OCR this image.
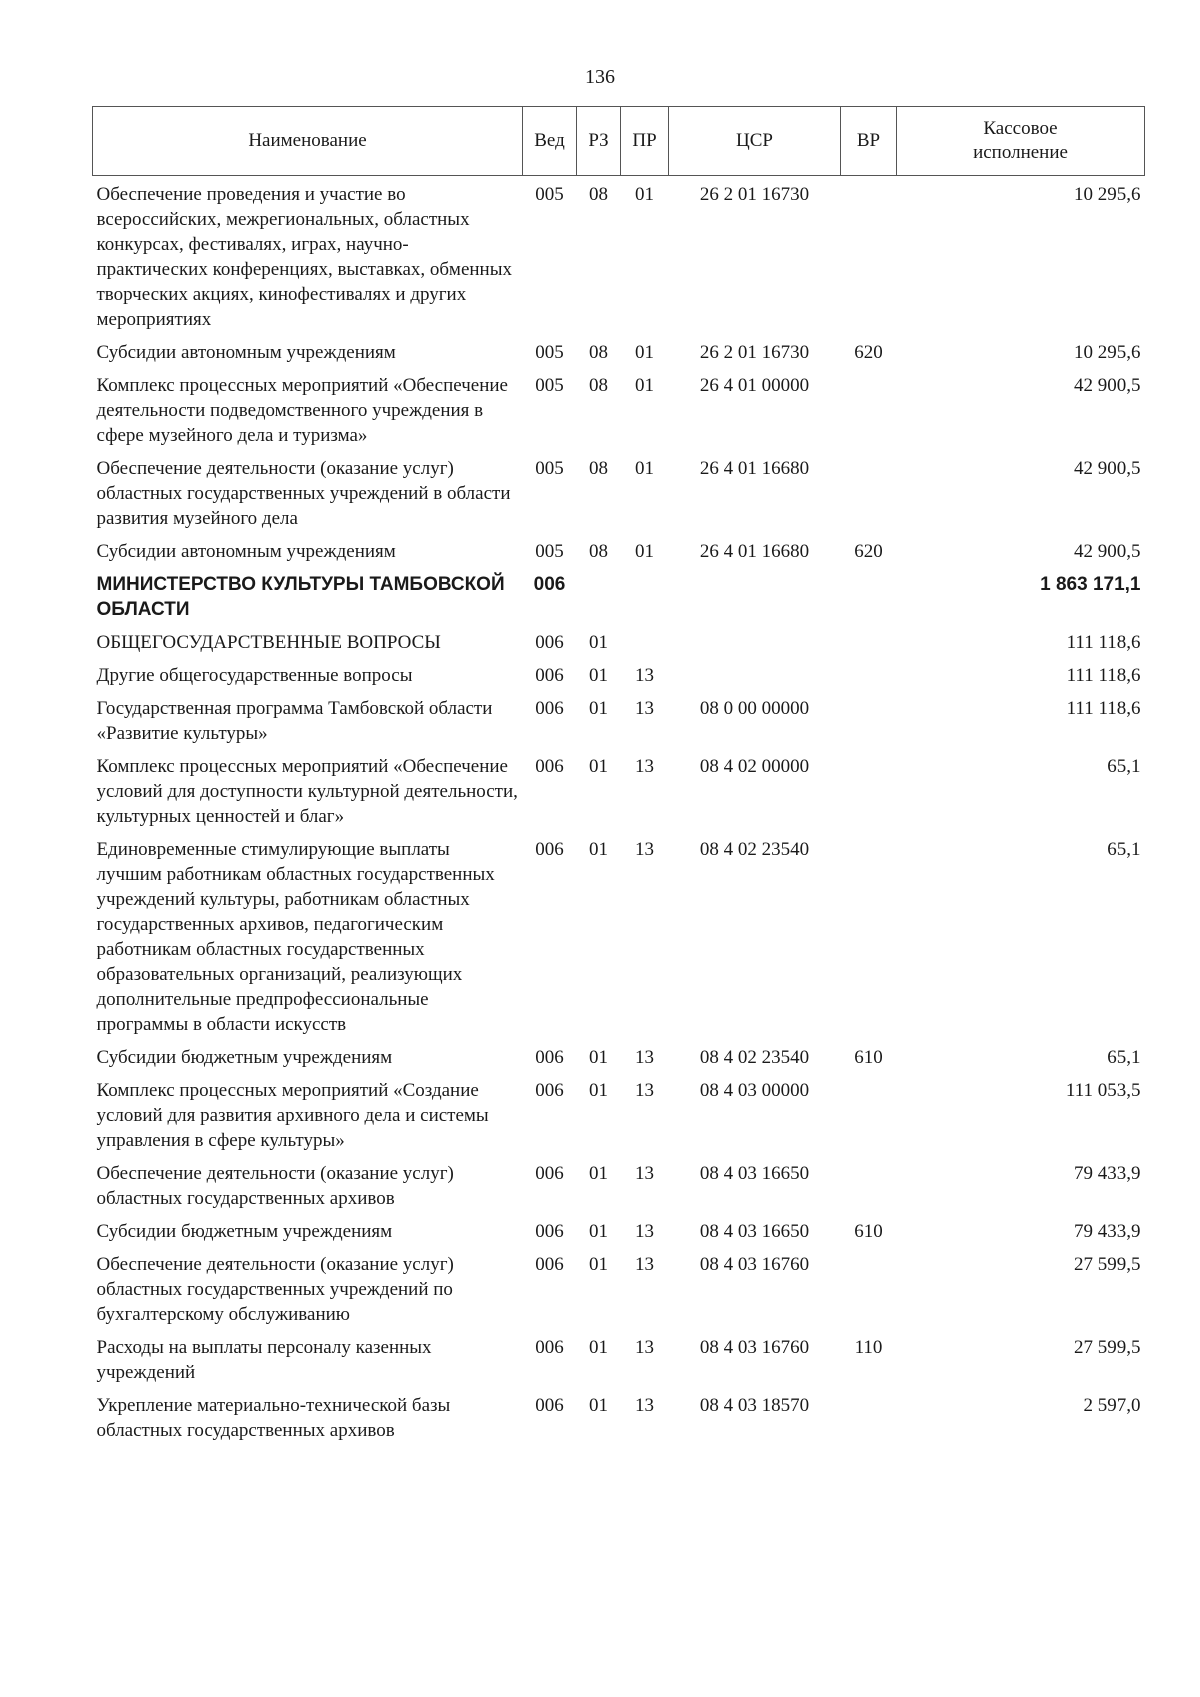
136
Наименование	Вед	РЗ	ПР	ЦСР	ВР	Кассовое исполнение
Обеспечение проведения и участие во всероссийских, межрегиональных, областных конкурсах, фестивалях, играх, научно-практических конференциях, выставках, обменных творческих акциях, кинофестивалях и других мероприятиях	005	08	01	26 2 01 16730		10 295,6
Субсидии автономным учреждениям	005	08	01	26 2 01 16730	620	10 295,6
Комплекс процессных мероприятий «Обеспечение деятельности подведомственного учреждения в сфере музейного дела и туризма»	005	08	01	26 4 01 00000		42 900,5
Обеспечение деятельности (оказание услуг) областных государственных учреждений в области развития музейного дела	005	08	01	26 4 01 16680		42 900,5
Субсидии автономным учреждениям	005	08	01	26 4 01 16680	620	42 900,5
МИНИСТЕРСТВО КУЛЬТУРЫ ТАМБОВСКОЙ ОБЛАСТИ	006					1 863 171,1
ОБЩЕГОСУДАРСТВЕННЫЕ ВОПРОСЫ	006	01				111 118,6
Другие общегосударственные вопросы	006	01	13			111 118,6
Государственная программа Тамбовской области «Развитие культуры»	006	01	13	08 0 00 00000		111 118,6
Комплекс процессных мероприятий «Обеспечение условий для доступности культурной деятельности, культурных ценностей и благ»	006	01	13	08 4 02 00000		65,1
Единовременные стимулирующие выплаты лучшим работникам областных государственных учреждений культуры, работникам областных государственных архивов, педагогическим работникам областных государственных образовательных организаций, реализующих дополнительные предпрофессиональные программы в области искусств	006	01	13	08 4 02 23540		65,1
Субсидии бюджетным учреждениям	006	01	13	08 4 02 23540	610	65,1
Комплекс процессных мероприятий «Создание условий для развития архивного дела и системы управления в сфере культуры»	006	01	13	08 4 03 00000		111 053,5
Обеспечение деятельности (оказание услуг) областных государственных архивов	006	01	13	08 4 03 16650		79 433,9
Субсидии бюджетным учреждениям	006	01	13	08 4 03 16650	610	79 433,9
Обеспечение деятельности (оказание услуг) областных государственных учреждений по бухгалтерскому обслуживанию	006	01	13	08 4 03 16760		27 599,5
Расходы на выплаты персоналу казенных учреждений	006	01	13	08 4 03 16760	110	27 599,5
Укрепление материально-технической базы областных государственных архивов	006	01	13	08 4 03 18570		2 597,0
